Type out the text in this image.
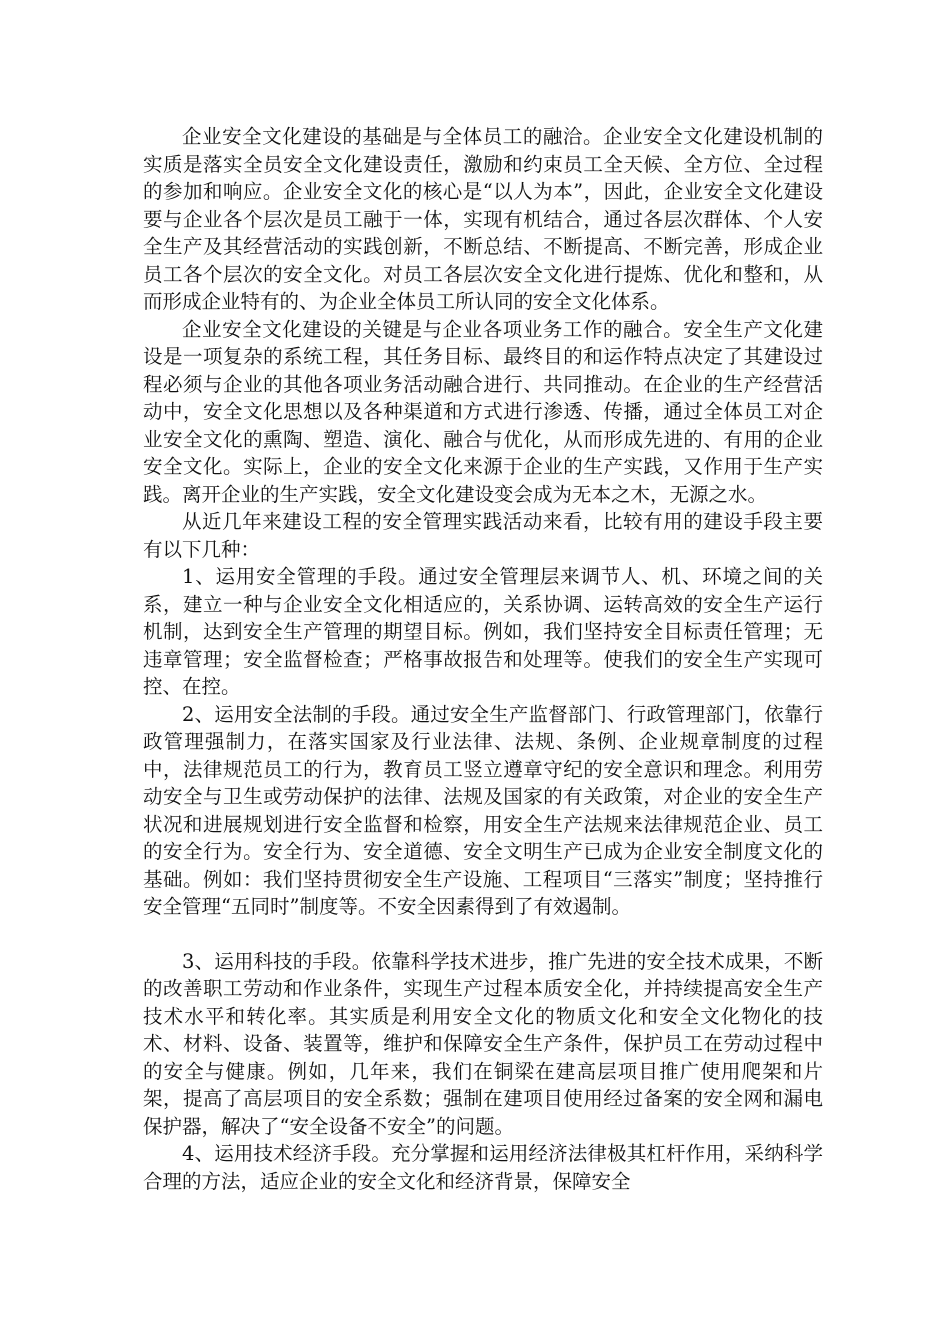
企业安全文化建设的基础是与全体员工的融洽。企业安全文化建设机制的实质是落实全员安全文化建设责任，激励和约束员工全天候、全方位、全过程的参加和响应。企业安全文化的核心是“以人为本”，因此，企业安全文化建设要与企业各个层次是员工融于一体，实现有机结合，通过各层次群体、个人安全生产及其经营活动的实践创新，不断总结、不断提高、不断完善，形成企业员工各个层次的安全文化。对员工各层次安全文化进行提炼、优化和整和，从而形成企业特有的、为企业全体员工所认同的安全文化体系。

企业安全文化建设的关键是与企业各项业务工作的融合。安全生产文化建设是一项复杂的系统工程，其任务目标、最终目的和运作特点决定了其建设过程必须与企业的其他各项业务活动融合进行、共同推动。在企业的生产经营活动中，安全文化思想以及各种渠道和方式进行渗透、传播，通过全体员工对企业安全文化的熏陶、塑造、演化、融合与优化，从而形成先进的、有用的企业安全文化。实际上，企业的安全文化来源于企业的生产实践，又作用于生产实践。离开企业的生产实践，安全文化建设变会成为无本之木，无源之水。

从近几年来建设工程的安全管理实践活动来看，比较有用的建设手段主要有以下几种：

1、运用安全管理的手段。通过安全管理层来调节人、机、环境之间的关系，建立一种与企业安全文化相适应的，关系协调、运转高效的安全生产运行机制，达到安全生产管理的期望目标。例如，我们坚持安全目标责任管理；无违章管理；安全监督检查；严格事故报告和处理等。使我们的安全生产实现可控、在控。

2、运用安全法制的手段。通过安全生产监督部门、行政管理部门，依靠行政管理强制力，在落实国家及行业法律、法规、条例、企业规章制度的过程中，法律规范员工的行为，教育员工竖立遵章守纪的安全意识和理念。利用劳动安全与卫生或劳动保护的法律、法规及国家的有关政策，对企业的安全生产状况和进展规划进行安全监督和检察，用安全生产法规来法律规范企业、员工的安全行为。安全行为、安全道德、安全文明生产已成为企业安全制度文化的基础。例如：我们坚持贯彻安全生产设施、工程项目“三落实”制度；坚持推行安全管理“五同时”制度等。不安全因素得到了有效遏制。

3、运用科技的手段。依靠科学技术进步，推广先进的安全技术成果，不断的改善职工劳动和作业条件，实现生产过程本质安全化，并持续提高安全生产技术水平和转化率。其实质是利用安全文化的物质文化和安全文化物化的技术、材料、设备、装置等，维护和保障安全生产条件，保护员工在劳动过程中的安全与健康。例如，几年来，我们在铜梁在建高层项目推广使用爬架和片架，提高了高层项目的安全系数；强制在建项目使用经过备案的安全网和漏电保护器，解决了“安全设备不安全”的问题。

4、运用技术经济手段。充分掌握和运用经济法律极其杠杆作用，采纳科学合理的方法，适应企业的安全文化和经济背景，保障安全
